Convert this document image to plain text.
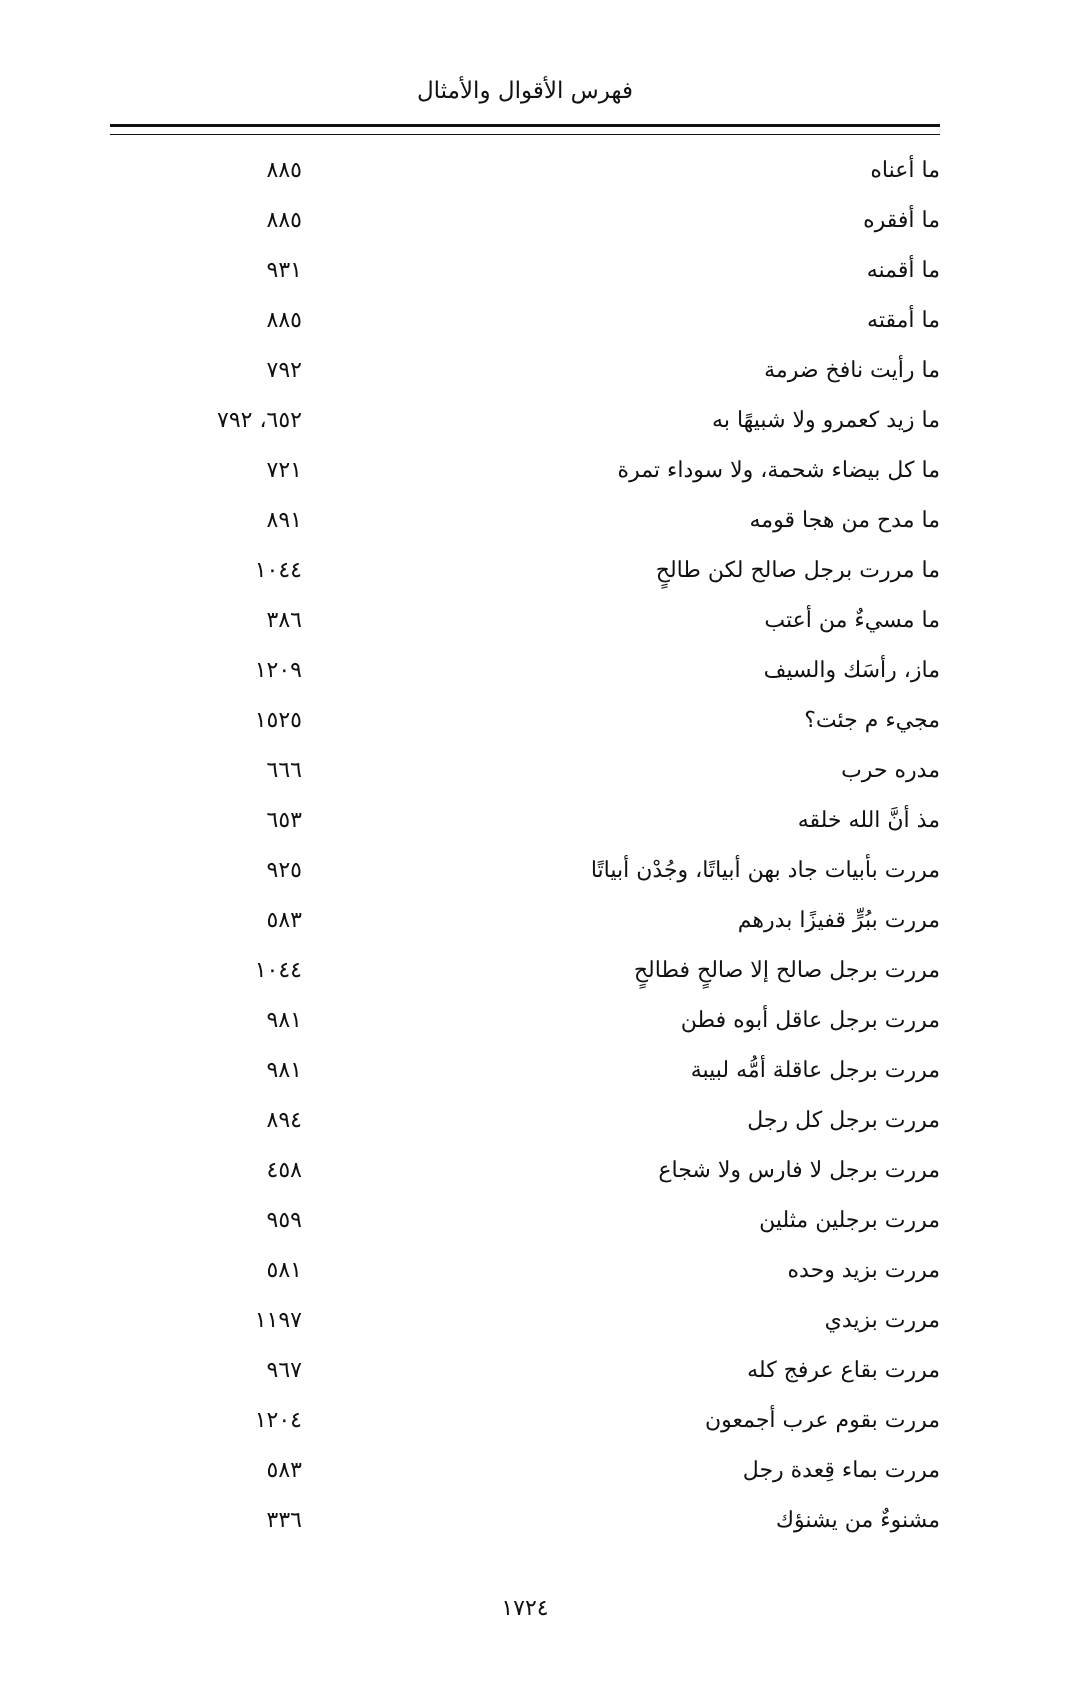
فهرس الأقوال والأمثال
ما أعناه
٨٨٥
ما أفقره
٨٨٥
ما أقمنه
٩٣١
ما أمقته
٨٨٥
ما رأيت نافخ ضرمة
٧٩٢
ما زيد كعمرو ولا شبيهًا به
٦٥٢، ٧٩٢
ما كل بيضاء شحمة، ولا سوداء تمرة
٧٢١
ما مدح من هجا قومه
٨٩١
ما مررت برجل صالح لكن طالحٍ
١٠٤٤
ما مسيءٌ من أعتب
٣٨٦
ماز، رأسَك والسيف
١٢٠٩
مجيء م جئت؟
١٥٢٥
مدره حرب
٦٦٦
مذ أنَّ الله خلقه
٦٥٣
مررت بأبيات جاد بهن أبياتًا، وجُدْن أبياتًا
٩٢٥
مررت ببُرٍّ قفيزًا بدرهم
٥٨٣
مررت برجل صالح إلا صالحٍ فطالحٍ
١٠٤٤
مررت برجل عاقل أبوه فطن
٩٨١
مررت برجل عاقلة أمُّه لبيبة
٩٨١
مررت برجل كل رجل
٨٩٤
مررت برجل لا فارس ولا شجاع
٤٥٨
مررت برجلين مثلين
٩٥٩
مررت بزيد وحده
٥٨١
مررت بزيدي
١١٩٧
مررت بقاع عرفج كله
٩٦٧
مررت بقوم عرب أجمعون
١٢٠٤
مررت بماء قِعدة رجل
٥٨٣
مشنوءٌ من يشنؤك
٣٣٦
١٧٢٤
